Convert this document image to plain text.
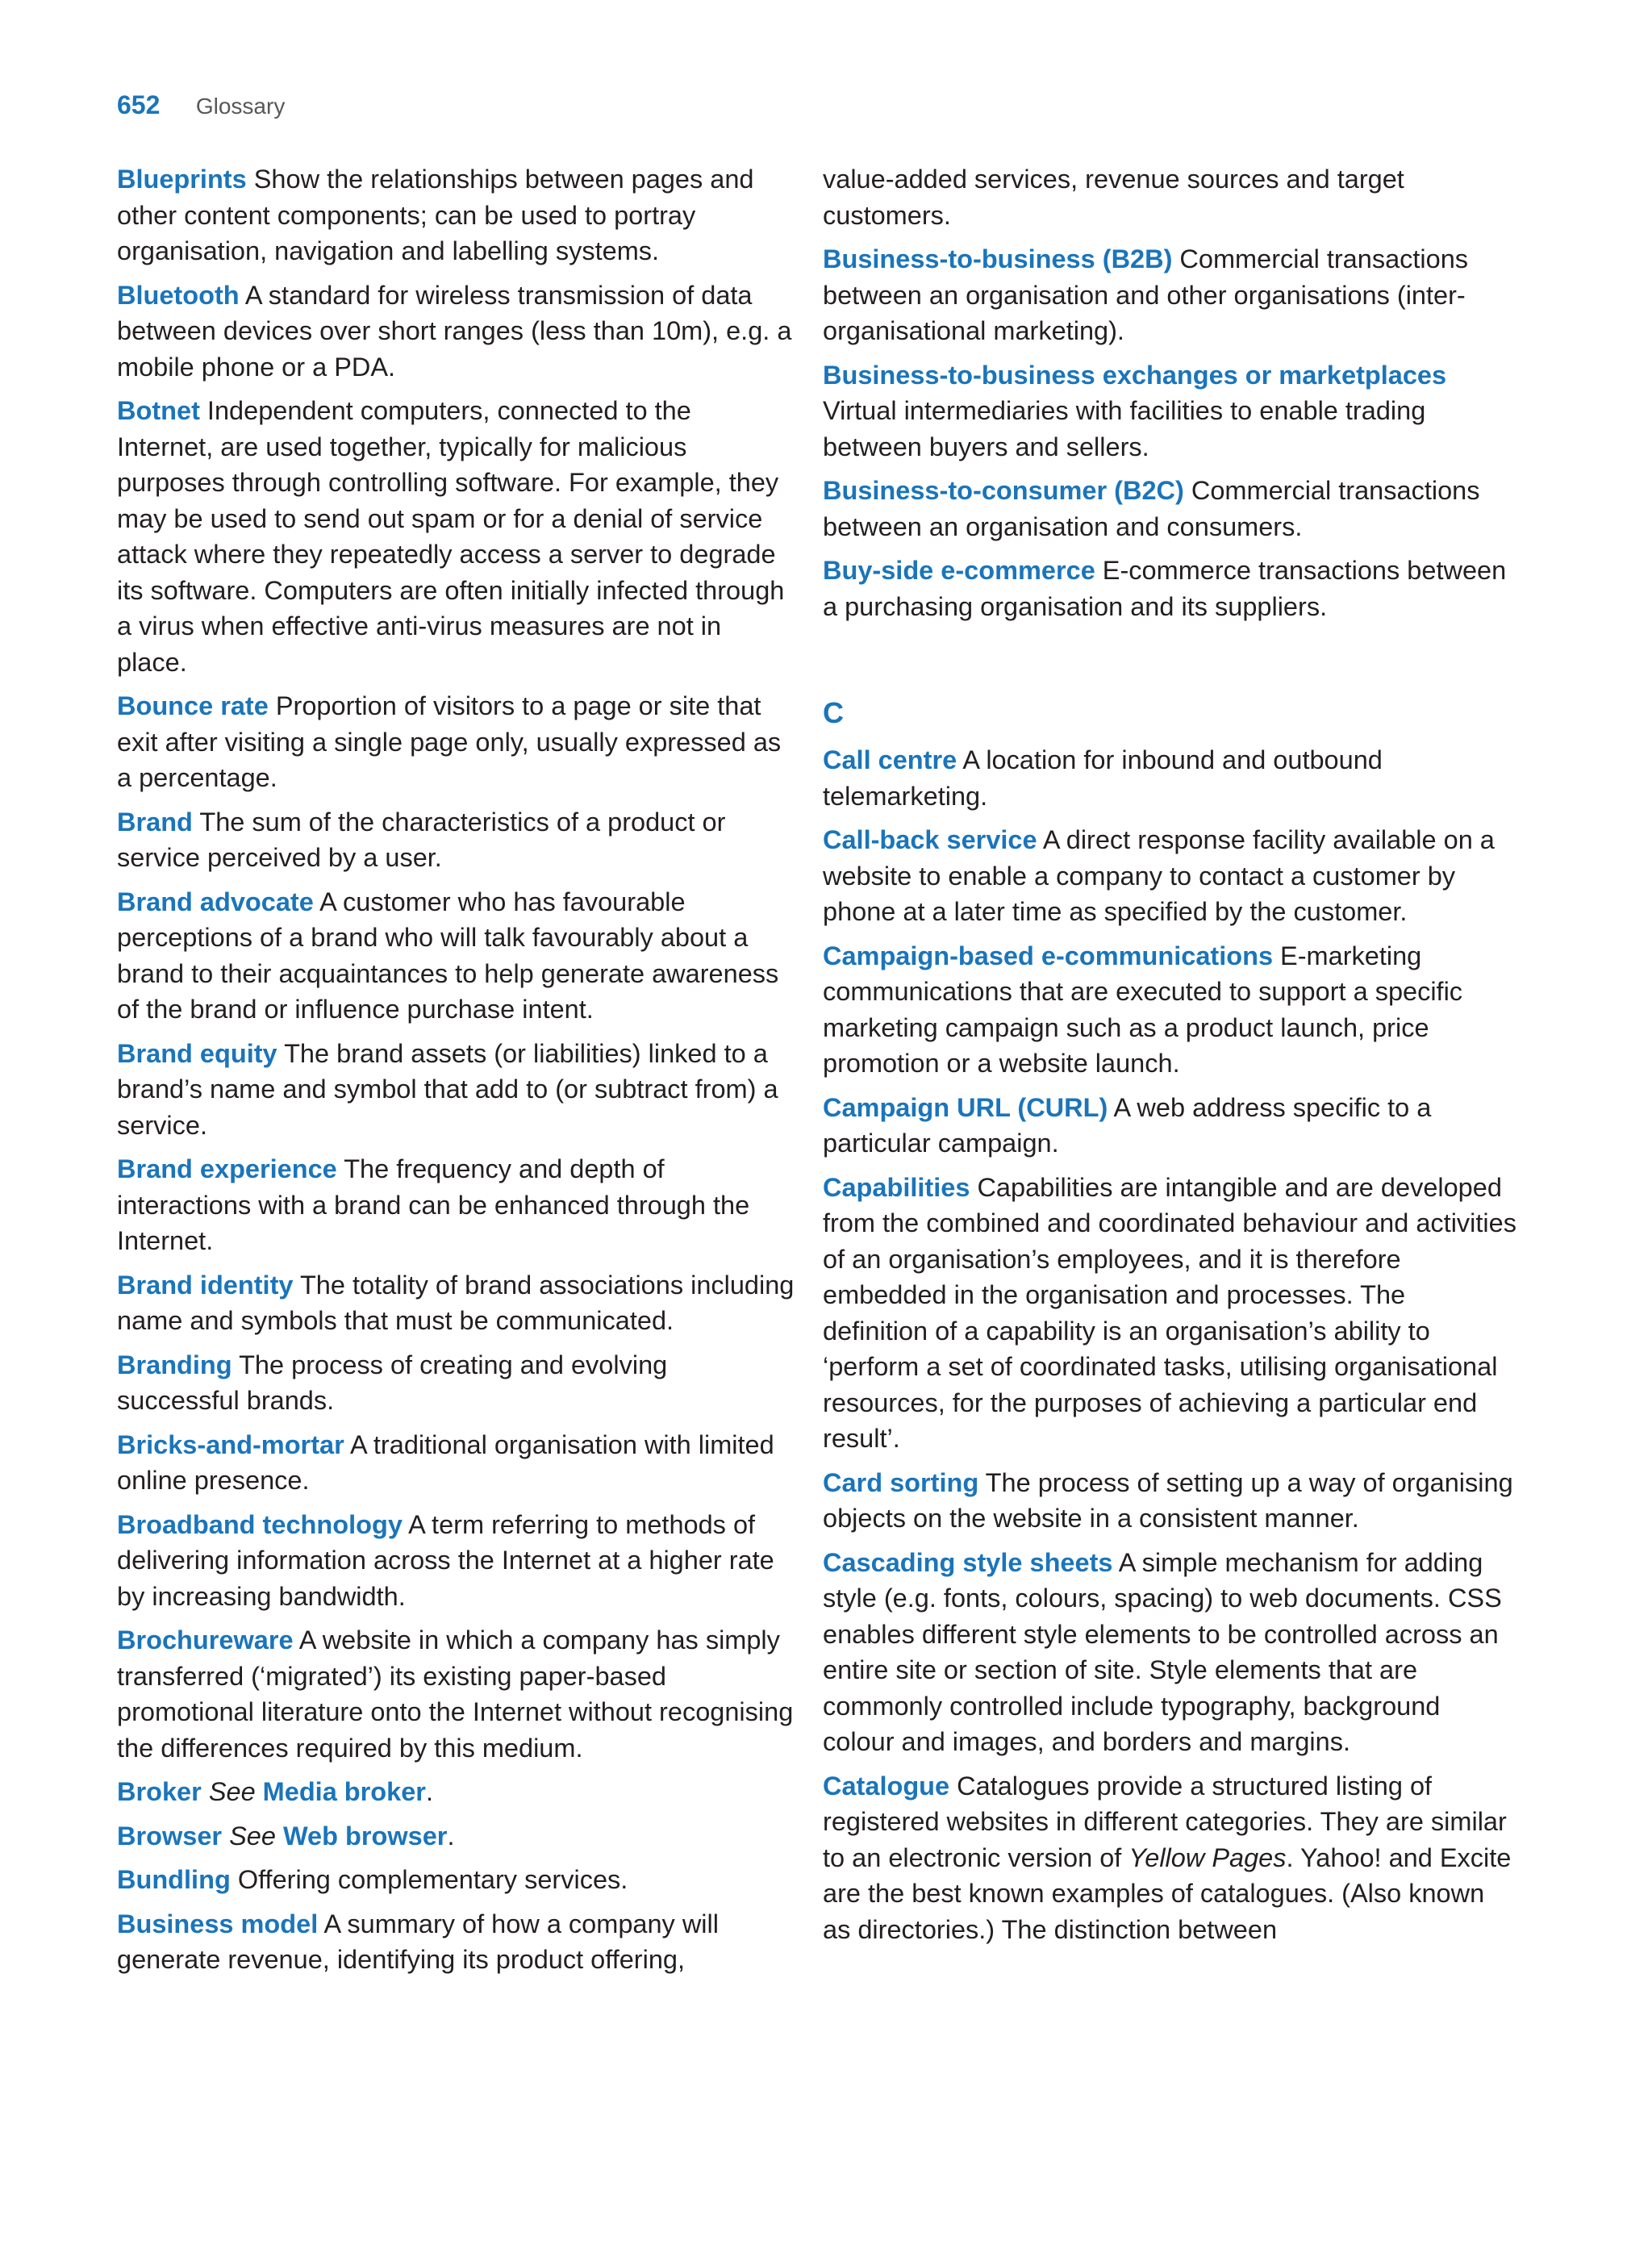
652 Glossary

Blueprints Show the relationships between pages and other content components; can be used to portray organisation, navigation and labelling systems.

Bluetooth A standard for wireless transmission of data between devices over short ranges (less than 10m), e.g. a mobile phone or a PDA.

Botnet Independent computers, connected to the Internet, are used together, typically for malicious purposes through controlling software. For example, they may be used to send out spam or for a denial of service attack where they repeatedly access a server to degrade its software. Computers are often initially infected through a virus when effective anti-virus measures are not in place.

Bounce rate Proportion of visitors to a page or site that exit after visiting a single page only, usually expressed as a percentage.

Brand The sum of the characteristics of a product or service perceived by a user.

Brand advocate A customer who has favourable perceptions of a brand who will talk favourably about a brand to their acquaintances to help generate awareness of the brand or influence purchase intent.

Brand equity The brand assets (or liabilities) linked to a brand’s name and symbol that add to (or subtract from) a service.

Brand experience The frequency and depth of interactions with a brand can be enhanced through the Internet.

Brand identity The totality of brand associations including name and symbols that must be communicated.

Branding The process of creating and evolving successful brands.

Bricks-and-mortar A traditional organisation with limited online presence.

Broadband technology A term referring to methods of delivering information across the Internet at a higher rate by increasing bandwidth.

Brochureware A website in which a company has simply transferred (‘migrated’) its existing paper-based promotional literature onto the Internet without recognising the differences required by this medium.

Broker See Media broker.

Browser See Web browser.

Bundling Offering complementary services.

Business model A summary of how a company will generate revenue, identifying its product offering,

value-added services, revenue sources and target customers.

Business-to-business (B2B) Commercial transactions between an organisation and other organisations (inter-organisational marketing).

Business-to-business exchanges or marketplaces Virtual intermediaries with facilities to enable trading between buyers and sellers.

Business-to-consumer (B2C) Commercial transactions between an organisation and consumers.

Buy-side e-commerce E-commerce transactions between a purchasing organisation and its suppliers.

C

Call centre A location for inbound and outbound telemarketing.

Call-back service A direct response facility available on a website to enable a company to contact a customer by phone at a later time as specified by the customer.

Campaign-based e-communications E-marketing communications that are executed to support a specific marketing campaign such as a product launch, price promotion or a website launch.

Campaign URL (CURL) A web address specific to a particular campaign.

Capabilities Capabilities are intangible and are developed from the combined and coordinated behaviour and activities of an organisation’s employees, and it is therefore embedded in the organisation and processes. The definition of a capability is an organisation’s ability to ‘perform a set of coordinated tasks, utilising organisational resources, for the purposes of achieving a particular end result’.

Card sorting The process of setting up a way of organising objects on the website in a consistent manner.

Cascading style sheets A simple mechanism for adding style (e.g. fonts, colours, spacing) to web documents. CSS enables different style elements to be controlled across an entire site or section of site. Style elements that are commonly controlled include typography, background colour and images, and borders and margins.

Catalogue Catalogues provide a structured listing of registered websites in different categories. They are similar to an electronic version of Yellow Pages. Yahoo! and Excite are the best known examples of catalogues. (Also known as directories.) The distinction between
